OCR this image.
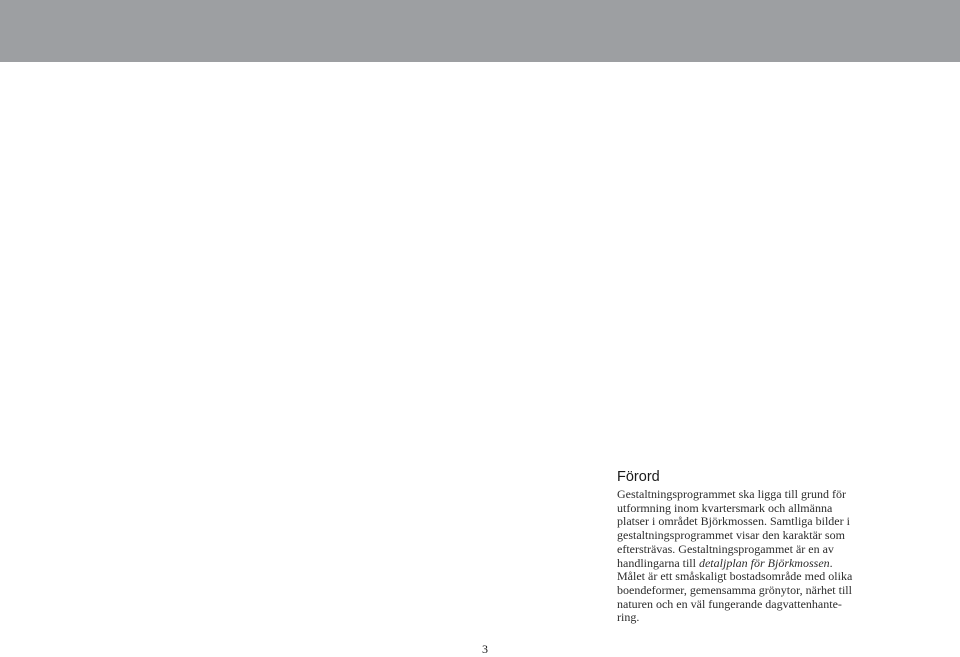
Förord

Gestaltningsprogrammet ska ligga till grund för
utformning inom kvartersmark och allmänna
platser i området Björkmossen. Samtliga bilder i
gestaltningsprogrammet visar den karaktär som
eftersträvas. Gestaltningsprogammet är en av
handlingarna till detaljplan för Björkmossen.
Målet är ett småskaligt bostadsområde med olika
boendeformer, gemensamma grönytor, närhet till
naturen och en väl fungerande dagvattenhante-
ring.

3
